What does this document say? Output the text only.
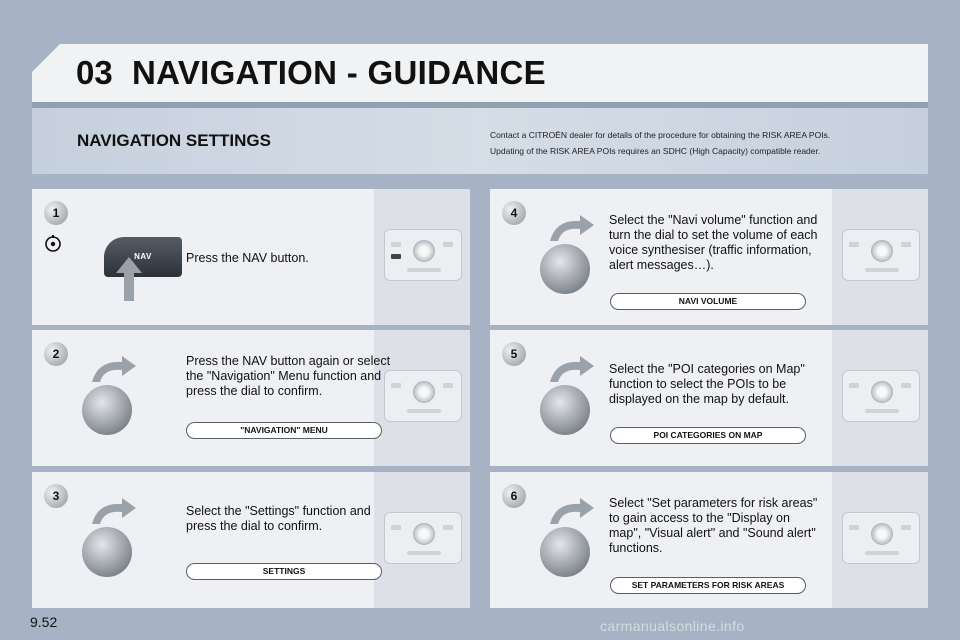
03 NAVIGATION - GUIDANCE
NAVIGATION SETTINGS	Contact a CITROËN dealer for details of the procedure for obtaining the RISK AREA POIs.

Updating of the RISK AREA POIs requires an SDHC (High Capacity) compatible reader.

1
NAV	Press the NAV button.
2	Press the NAV button again or select the "Navigation" Menu function and press the dial to confirm.
"NAVIGATION" MENU
3
Select the "Settings" function and press the dial to confirm.
SETTINGS
4	Select the "Navi volume" function and turn the dial to set the volume of each voice synthesiser (traffic information, alert messages…).
NAVI VOLUME
5
Select the "POI categories on Map" function to select the POIs to be displayed on the map by default.
POI CATEGORIES ON MAP
6	Select "Set parameters for risk areas" to gain access to the "Display on map", "Visual alert" and "Sound alert" functions.
SET PARAMETERS FOR RISK AREAS
9.52	carmanualsonline.info
